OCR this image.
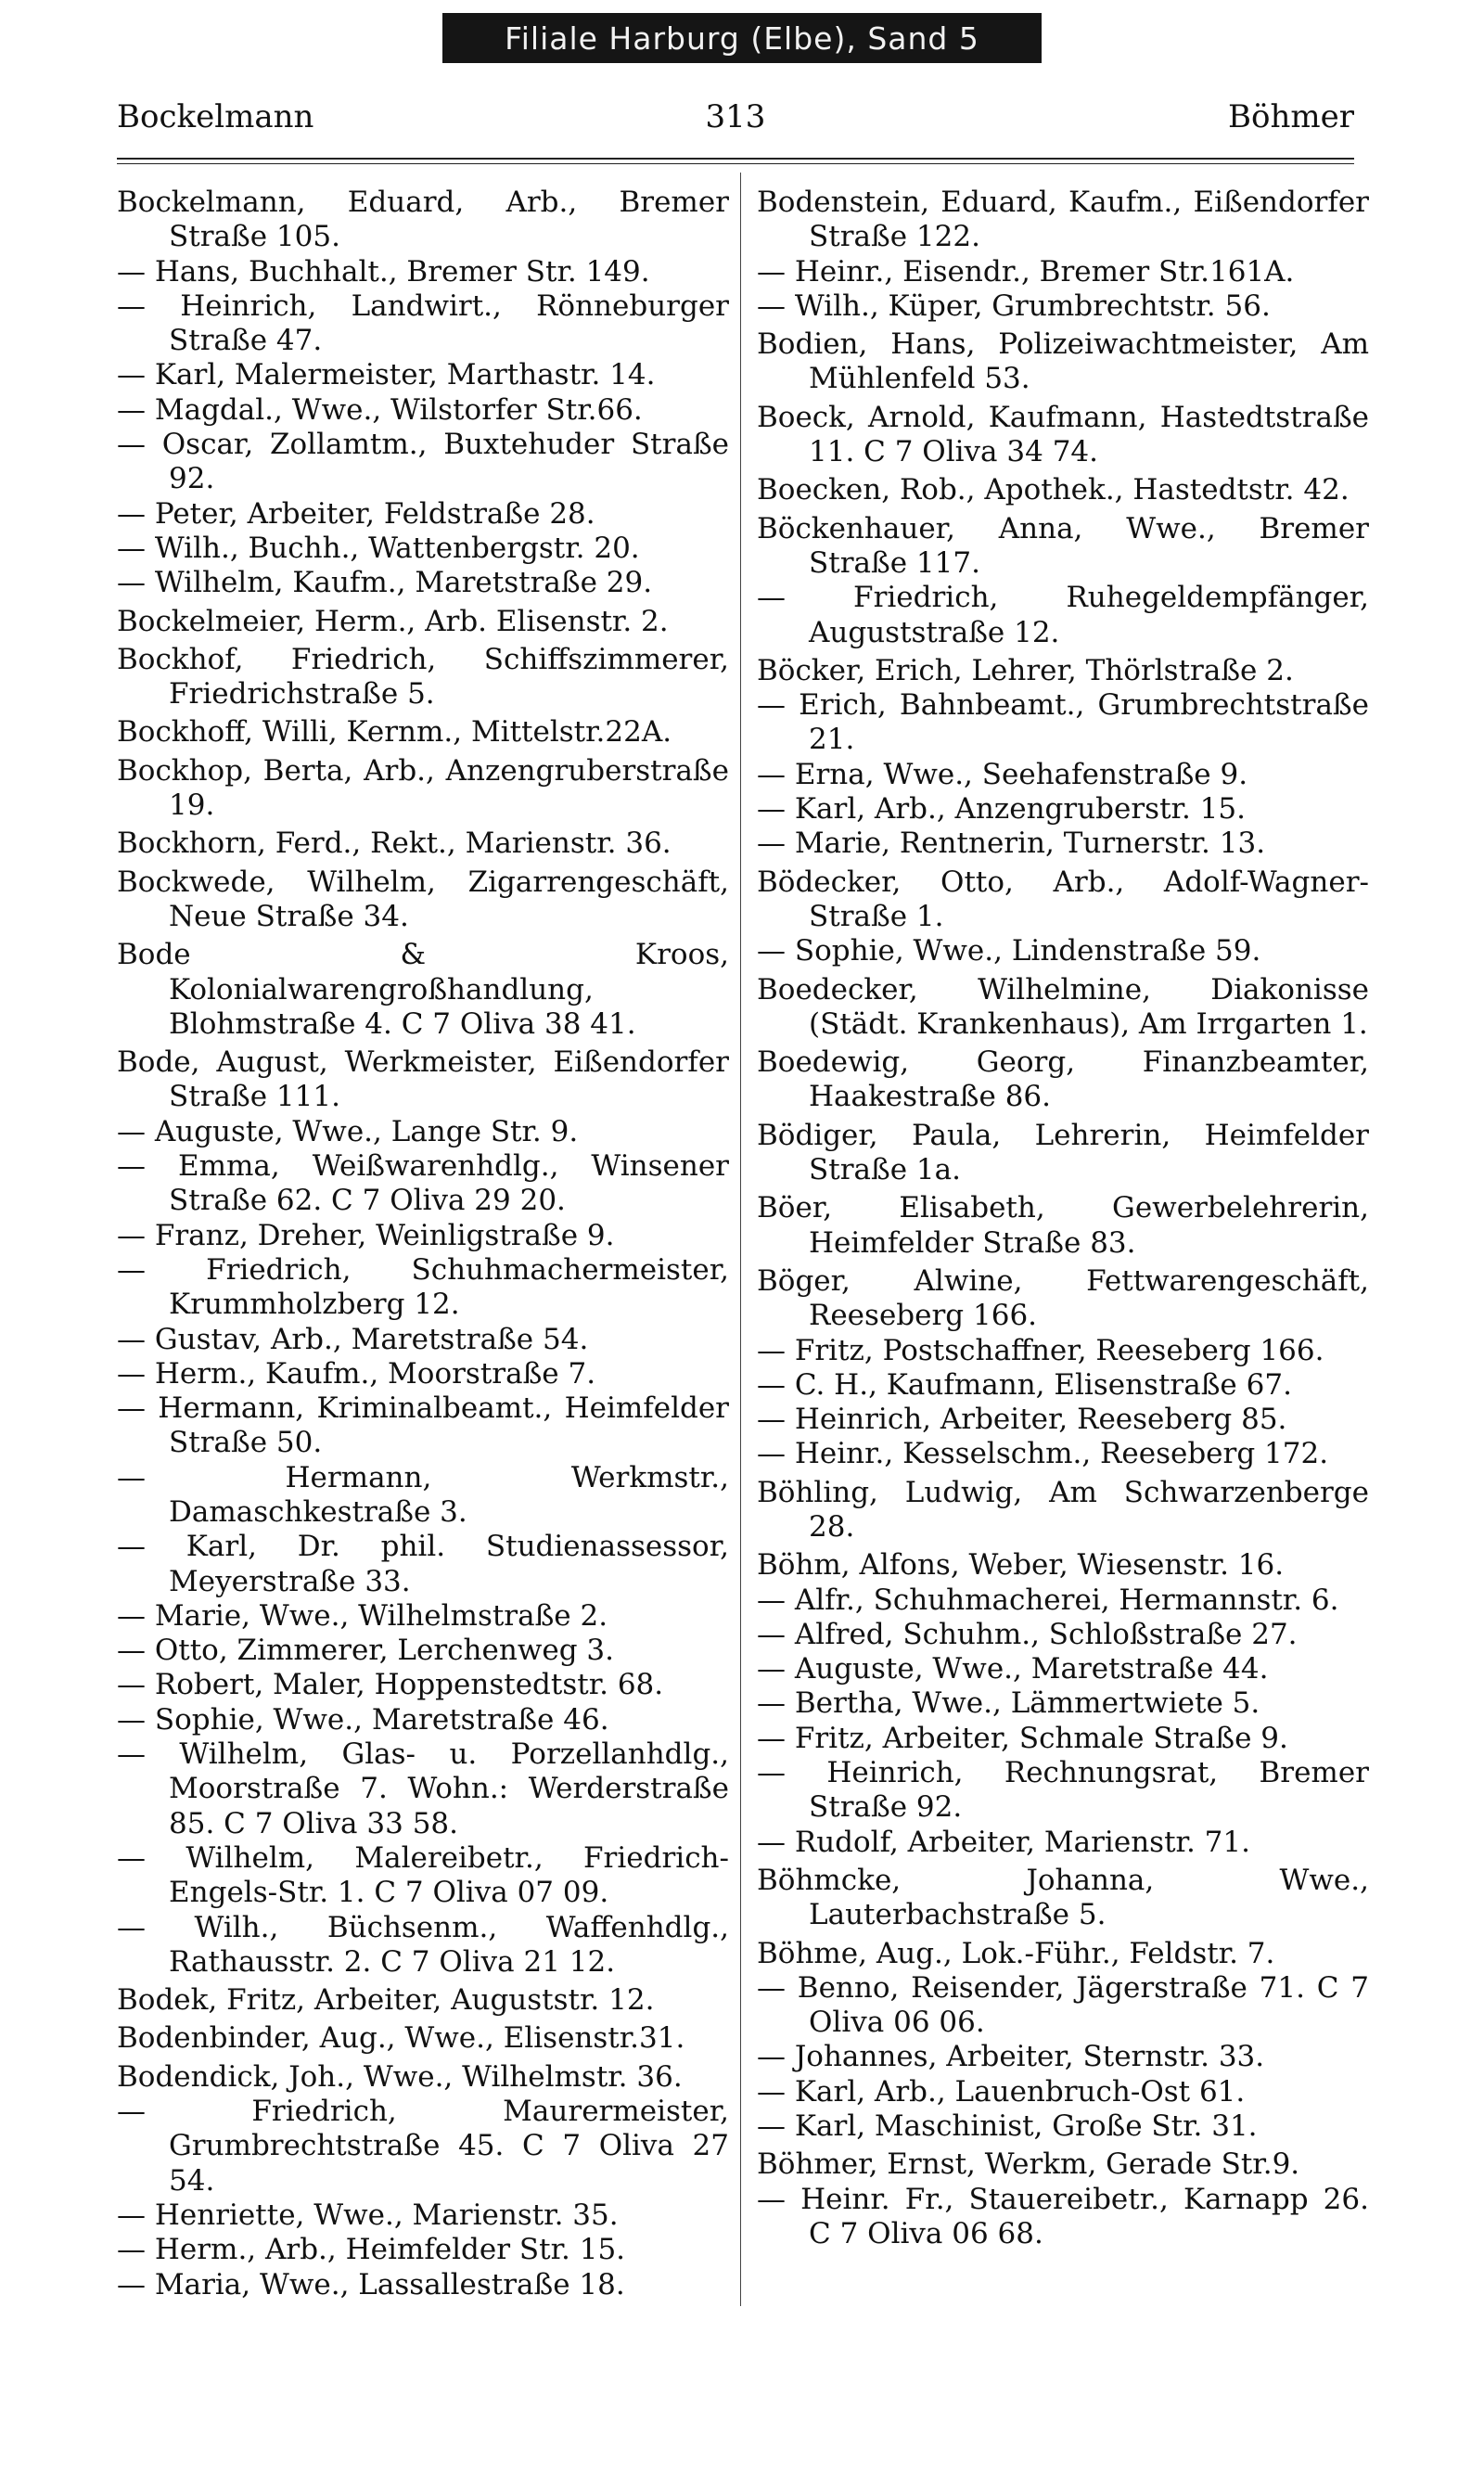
Filiale Harburg (Elbe), Sand 5
Bockelmann	313	Böhmer
Bockelmann, Eduard, Arb., Bremer Straße 105.
— Hans, Buchhalt., Bremer Str. 149.
— Heinrich, Landwirt., Rönneburger Straße 47.
— Karl, Malermeister, Marthastr. 14.
— Magdal., Wwe., Wilstorfer Str.66.
— Oscar, Zollamtm., Buxtehuder Straße 92.
— Peter, Arbeiter, Feldstraße 28.
— Wilh., Buchh., Wattenbergstr. 20.
— Wilhelm, Kaufm., Maretstraße 29.
Bockelmeier, Herm., Arb. Elisenstr. 2.
Bockhof, Friedrich, Schiffszimmerer, Friedrichstraße 5.
Bockhoff, Willi, Kernm., Mittelstr.22A.
Bockhop, Berta, Arb., Anzengruberstraße 19.
Bockhorn, Ferd., Rekt., Marienstr. 36.
Bockwede, Wilhelm, Zigarrengeschäft, Neue Straße 34.
Bode & Kroos, Kolonialwarengroßhandlung, Blohmstraße 4. C 7 Oliva 38 41.
Bode, August, Werkmeister, Eißendorfer Straße 111.
— Auguste, Wwe., Lange Str. 9.
— Emma, Weißwarenhdlg., Winsener Straße 62. C 7 Oliva 29 20.
— Franz, Dreher, Weinligstraße 9.
— Friedrich, Schuhmachermeister, Krummholzberg 12.
— Gustav, Arb., Maretstraße 54.
— Herm., Kaufm., Moorstraße 7.
— Hermann, Kriminalbeamt., Heimfelder Straße 50.
— Hermann, Werkmstr., Damaschkestraße 3.
— Karl, Dr. phil. Studienassessor, Meyerstraße 33.
— Marie, Wwe., Wilhelmstraße 2.
— Otto, Zimmerer, Lerchenweg 3.
— Robert, Maler, Hoppenstedtstr. 68.
— Sophie, Wwe., Maretstraße 46.
— Wilhelm, Glas- u. Porzellanhdlg., Moorstraße 7. Wohn.: Werderstraße 85. C 7 Oliva 33 58.
— Wilhelm, Malereibetr., Friedrich-Engels-Str. 1. C 7 Oliva 07 09.
— Wilh., Büchsenm., Waffenhdlg., Rathausstr. 2. C 7 Oliva 21 12.
Bodek, Fritz, Arbeiter, Auguststr. 12.
Bodenbinder, Aug., Wwe., Elisenstr.31.
Bodendick, Joh., Wwe., Wilhelmstr. 36.
— Friedrich, Maurermeister, Grumbrechtstraße 45. C 7 Oliva 27 54.
— Henriette, Wwe., Marienstr. 35.
— Herm., Arb., Heimfelder Str. 15.
— Maria, Wwe., Lassallestraße 18.
Bodenstein, Eduard, Kaufm., Eißendorfer Straße 122.
— Heinr., Eisendr., Bremer Str.161A.
— Wilh., Küper, Grumbrechtstr. 56.
Bodien, Hans, Polizeiwachtmeister, Am Mühlenfeld 53.
Boeck, Arnold, Kaufmann, Hastedtstraße 11. C 7 Oliva 34 74.
Boecken, Rob., Apothek., Hastedtstr. 42.
Böckenhauer, Anna, Wwe., Bremer Straße 117.
— Friedrich, Ruhegeldempfänger, Auguststraße 12.
Böcker, Erich, Lehrer, Thörlstraße 2.
— Erich, Bahnbeamt., Grumbrechtstraße 21.
— Erna, Wwe., Seehafenstraße 9.
— Karl, Arb., Anzengruberstr. 15.
— Marie, Rentnerin, Turnerstr. 13.
Bödecker, Otto, Arb., Adolf-Wagner-Straße 1.
— Sophie, Wwe., Lindenstraße 59.
Boedecker, Wilhelmine, Diakonisse (Städt. Krankenhaus), Am Irrgarten 1.
Boedewig, Georg, Finanzbeamter, Haakestraße 86.
Bödiger, Paula, Lehrerin, Heimfelder Straße 1a.
Böer, Elisabeth, Gewerbelehrerin, Heimfelder Straße 83.
Böger, Alwine, Fettwarengeschäft, Reeseberg 166.
— Fritz, Postschaffner, Reeseberg 166.
— C. H., Kaufmann, Elisenstraße 67.
— Heinrich, Arbeiter, Reeseberg 85.
— Heinr., Kesselschm., Reeseberg 172.
Böhling, Ludwig, Am Schwarzenberge 28.
Böhm, Alfons, Weber, Wiesenstr. 16.
— Alfr., Schuhmacherei, Hermannstr. 6.
— Alfred, Schuhm., Schloßstraße 27.
— Auguste, Wwe., Maretstraße 44.
— Bertha, Wwe., Lämmertwiete 5.
— Fritz, Arbeiter, Schmale Straße 9.
— Heinrich, Rechnungsrat, Bremer Straße 92.
— Rudolf, Arbeiter, Marienstr. 71.
Böhmcke, Johanna, Wwe., Lauterbachstraße 5.
Böhme, Aug., Lok.-Führ., Feldstr. 7.
— Benno, Reisender, Jägerstraße 71. C 7 Oliva 06 06.
— Johannes, Arbeiter, Sternstr. 33.
— Karl, Arb., Lauenbruch-Ost 61.
— Karl, Maschinist, Große Str. 31.
Böhmer, Ernst, Werkm, Gerade Str.9.
— Heinr. Fr., Stauereibetr., Karnapp 26. C 7 Oliva 06 68.
